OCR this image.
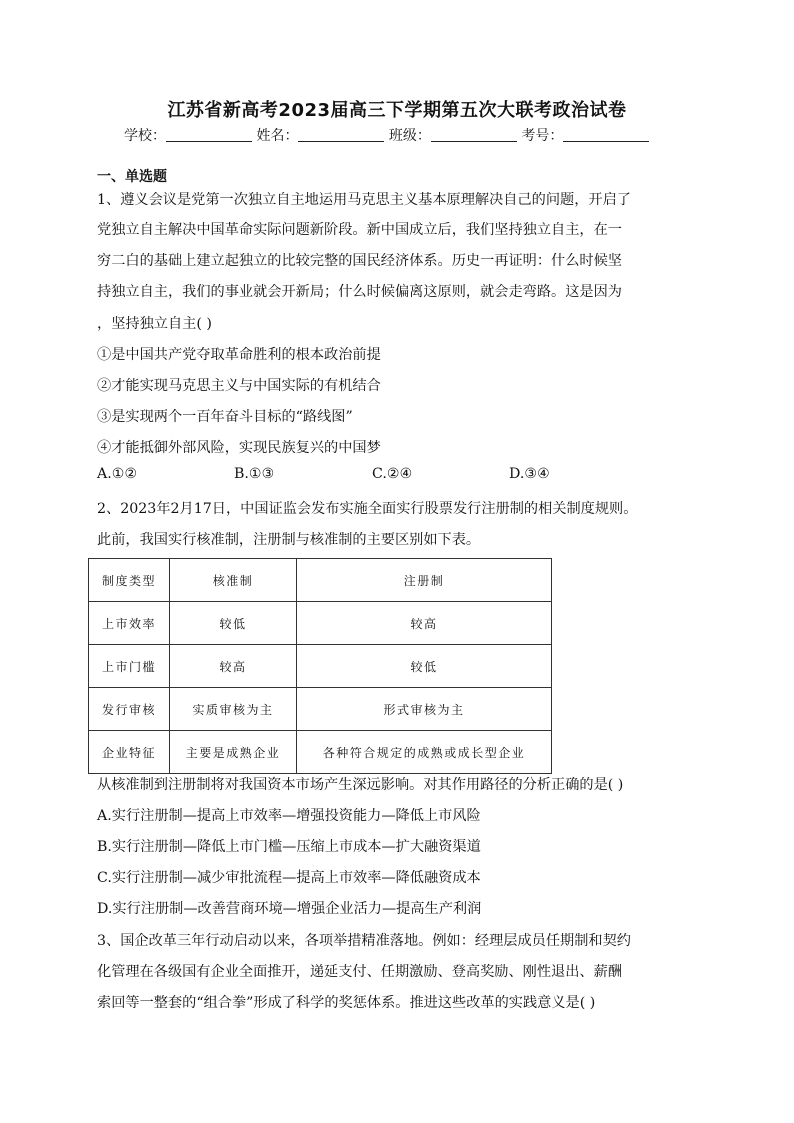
江苏省新高考2023届高三下学期第五次大联考政治试卷
学校：	姓名：	班级：	考号：
一、单选题
1、遵义会议是党第一次独立自主地运用马克思主义基本原理解决自己的问题，开启了
党独立自主解决中国革命实际问题新阶段。新中国成立后，我们坚持独立自主，在一
穷二白的基础上建立起独立的比较完整的国民经济体系。历史一再证明：什么时候坚
持独立自主，我们的事业就会开新局；什么时候偏离这原则，就会走弯路。这是因为
，坚持独立自主( )
①是中国共产党夺取革命胜利的根本政治前提
②才能实现马克思主义与中国实际的有机结合
③是实现两个一百年奋斗目标的“路线图”
④才能抵御外部风险，实现民族复兴的中国梦
A.①②	B.①③	C.②④	D.③④
2、2023年2月17日，中国证监会发布实施全面实行股票发行注册制的相关制度规则。
此前，我国实行核准制，注册制与核准制的主要区别如下表。
制度类型	核准制	注册制
上市效率	较低	较高
上市门槛	较高	较低
发行审核	实质审核为主	形式审核为主
企业特征	主要是成熟企业	各种符合规定的成熟或成长型企业
从核准制到注册制将对我国资本市场产生深远影响。对其作用路径的分析正确的是( )
A.实行注册制—提高上市效率—增强投资能力—降低上市风险
B.实行注册制—降低上市门槛—压缩上市成本—扩大融资渠道
C.实行注册制—减少审批流程—提高上市效率—降低融资成本
D.实行注册制—改善营商环境—增强企业活力—提高生产利润
3、国企改革三年行动启动以来，各项举措精准落地。例如：经理层成员任期制和契约
化管理在各级国有企业全面推开，递延支付、任期激励、登高奖励、刚性退出、薪酬
索回等一整套的“组合拳”形成了科学的奖惩体系。推进这些改革的实践意义是( )
